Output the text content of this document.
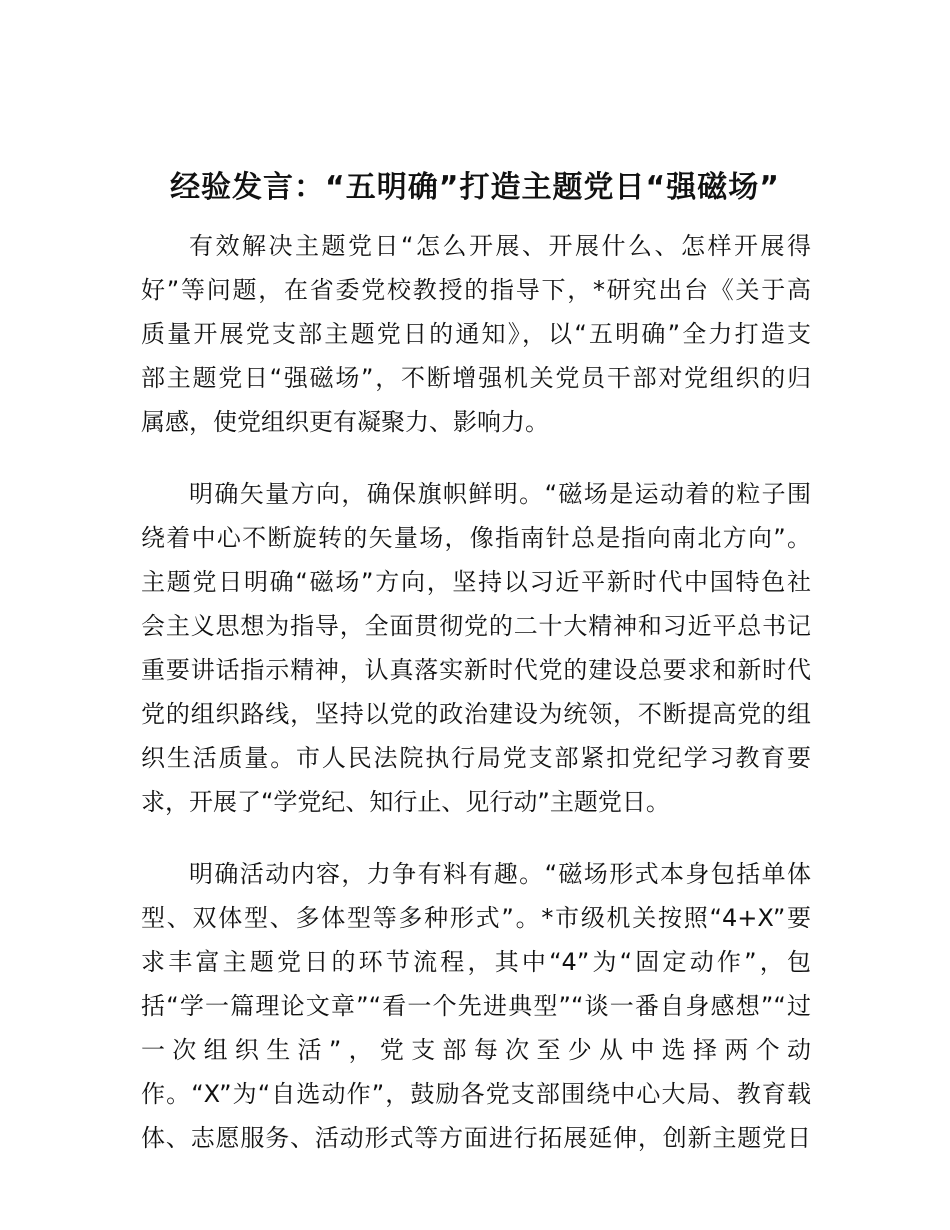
经验发言：“五明确”打造主题党日“强磁场”
有效解决主题党日“怎么开展、开展什么、怎样开展得
好”等问题，在省委党校教授的指导下，*研究出台《关于高
质量开展党支部主题党日的通知》，以“五明确”全力打造支
部主题党日“强磁场”，不断增强机关党员干部对党组织的归
属感，使党组织更有凝聚力、影响力。
明确矢量方向，确保旗帜鲜明。“磁场是运动着的粒子围
绕着中心不断旋转的矢量场，像指南针总是指向南北方向”。
主题党日明确“磁场”方向，坚持以习近平新时代中国特色社
会主义思想为指导，全面贯彻党的二十大精神和习近平总书记
重要讲话指示精神，认真落实新时代党的建设总要求和新时代
党的组织路线，坚持以党的政治建设为统领，不断提高党的组
织生活质量。市人民法院执行局党支部紧扣党纪学习教育要
求，开展了“学党纪、知行止、见行动”主题党日。
明确活动内容，力争有料有趣。“磁场形式本身包括单体
型、双体型、多体型等多种形式”。*市级机关按照“4+X”要
求丰富主题党日的环节流程，其中“4”为“固定动作”，包
括“学一篇理论文章”“看一个先进典型”“谈一番自身感想”“过
一次组织生活”，党支部每次至少从中选择两个动
作。“X”为“自选动作”，鼓励各党支部围绕中心大局、教育载
体、志愿服务、活动形式等方面进行拓展延伸，创新主题党日
